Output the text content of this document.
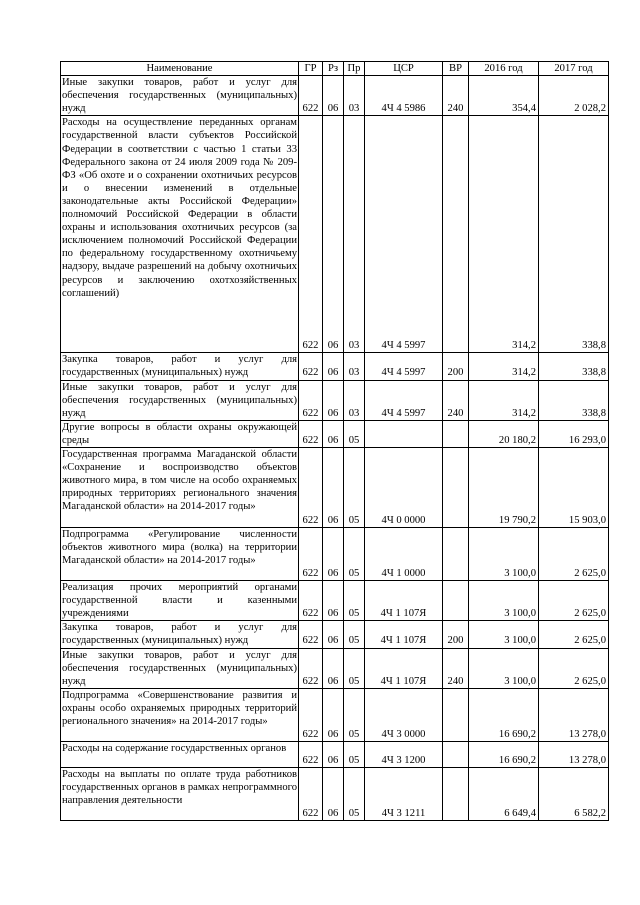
Наименование	ГР	Рз	Пр	ЦСР	ВР	2016 год	2017 год
Иные закупки товаров, работ и услуг для обеспечения государственных (муниципальных) нужд	622	06	03	4Ч 4 5986	240	354,4	2 028,2
Расходы на осуществление переданных органам государственной власти субъектов Российской Федерации в соответствии с частью 1 статьи 33 Федерального закона от 24 июля 2009 года № 209-ФЗ «Об охоте и о сохранении охотничьих ресурсов и о внесении изменений в отдельные законодательные акты Российской Федерации» полномочий Российской Федерации в области охраны и использования охотничьих ресурсов (за исключением полномочий Российской Федерации по федеральному государственному охотничьему надзору, выдаче разрешений на добычу охотничьих ресурсов и заключению охотхозяйственных соглашений)	622	06	03	4Ч 4 5997		314,2	338,8
Закупка товаров, работ и услуг для государственных (муниципальных) нужд	622	06	03	4Ч 4 5997	200	314,2	338,8
Иные закупки товаров, работ и услуг для обеспечения государственных (муниципальных) нужд	622	06	03	4Ч 4 5997	240	314,2	338,8
Другие вопросы в области охраны окружающей среды	622	06	05			20 180,2	16 293,0
Государственная программа Магаданской области «Сохранение и воспроизводство объектов животного мира, в том числе на особо охраняемых природных территориях регионального значения Магаданской области» на 2014-2017 годы»	622	06	05	4Ч 0 0000		19 790,2	15 903,0
Подпрограмма «Регулирование численности объектов животного мира (волка) на территории Магаданской области» на 2014-2017 годы»	622	06	05	4Ч 1 0000		3 100,0	2 625,0
Реализация прочих мероприятий органами государственной власти и казенными учреждениями	622	06	05	4Ч 1 107Я		3 100,0	2 625,0
Закупка товаров, работ и услуг для государственных (муниципальных) нужд	622	06	05	4Ч 1 107Я	200	3 100,0	2 625,0
Иные закупки товаров, работ и услуг для обеспечения государственных (муниципальных) нужд	622	06	05	4Ч 1 107Я	240	3 100,0	2 625,0
Подпрограмма «Совершенствование развития и охраны особо охраняемых природных территорий регионального значения» на 2014-2017 годы»	622	06	05	4Ч 3 0000		16 690,2	13 278,0
Расходы на содержание государственных органов	622	06	05	4Ч 3 1200		16 690,2	13 278,0
Расходы на выплаты по оплате труда работников государственных органов в рамках непрограммного направления деятельности	622	06	05	4Ч 3 1211		6 649,4	6 582,2
